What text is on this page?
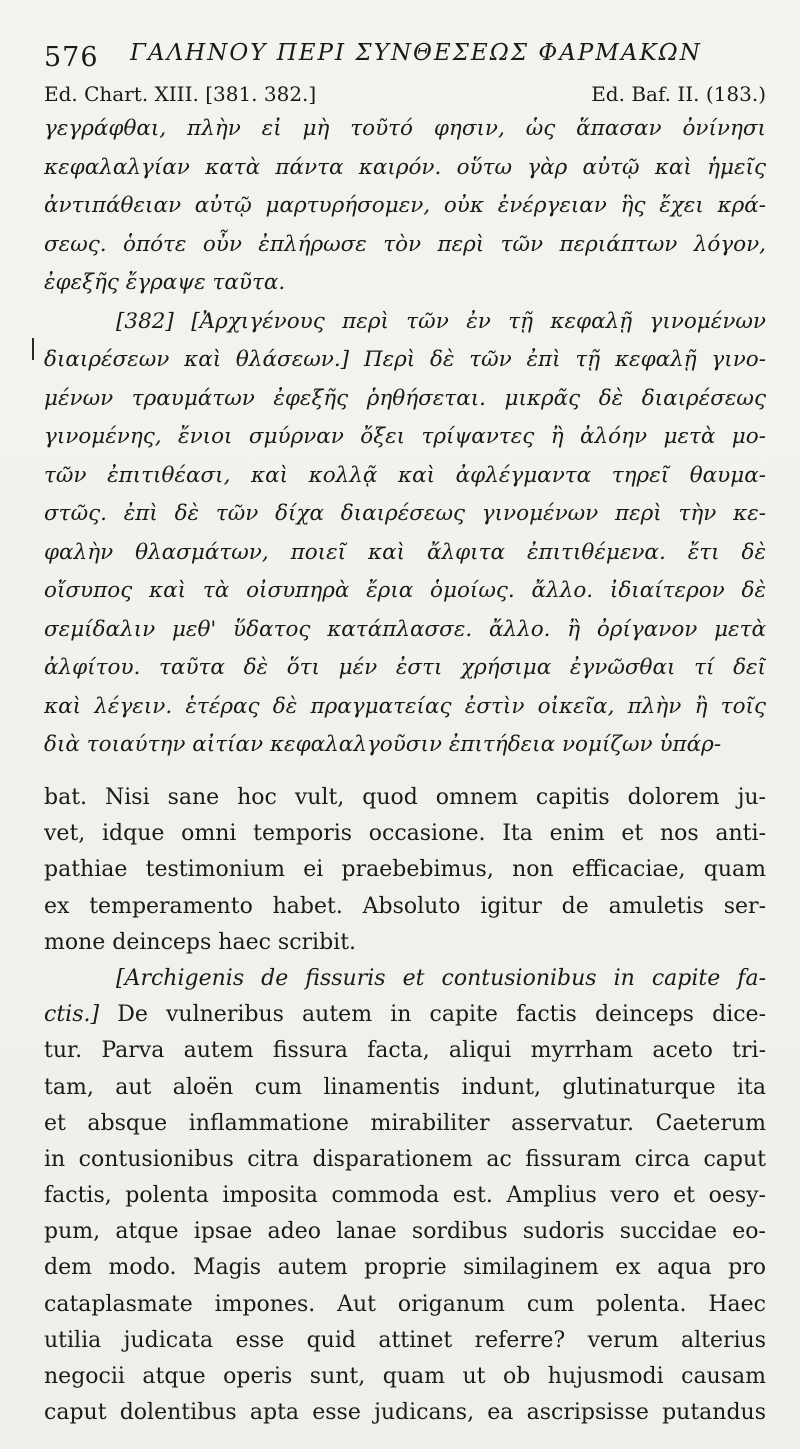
576 ΓΑΛΗΝΟΥ ΠΕΡΙ ΣΥΝΘΕΣΕΩΣ ΦΑΡΜΑΚΩΝ
Ed. Chart. XIII. [381. 382.]	Ed. Baf. II. (183.)
γεγράφθαι, πλὴν εἰ μὴ τοῦτό φησιν, ὡς ἅπασαν ὀνίνησι
κεφαλαλγίαν κατὰ πάντα καιρόν. οὕτω γὰρ αὐτῷ καὶ ἡμεῖς
ἀντιπάθειαν αὐτῷ μαρτυρήσομεν, οὐκ ἐνέργειαν ἣς ἔχει κρά-
σεως. ὁπότε οὖν ἐπλήρωσε τὸν περὶ τῶν περιάπτων λόγον,
ἐφεξῆς ἔγραψε ταῦτα.
[382] [Ἀρχιγένους περὶ τῶν ἐν τῇ κεφαλῇ γινομένων
διαιρέσεων καὶ θλάσεων.] Περὶ δὲ τῶν ἐπὶ τῇ κεφαλῇ γινο-
μένων τραυμάτων ἐφεξῆς ῥηθήσεται. μικρᾶς δὲ διαιρέσεως
γινομένης, ἔνιοι σμύρναν ὄξει τρίψαντες ἢ ἀλόην μετὰ μο-
τῶν ἐπιτιθέασι, καὶ κολλᾷ καὶ ἀφλέγμαντα τηρεῖ θαυμα-
στῶς. ἐπὶ δὲ τῶν δίχα διαιρέσεως γινομένων περὶ τὴν κε-
φαλὴν θλασμάτων, ποιεῖ καὶ ἄλφιτα ἐπιτιθέμενα. ἔτι δὲ
οἴσυπος καὶ τὰ οἰσυπηρὰ ἔρια ὁμοίως. ἄλλο. ἰδιαίτερον δὲ
σεμίδαλιν μεθ' ὕδατος κατάπλασσε. ἄλλο. ἢ ὀρίγανον μετὰ
ἀλφίτου. ταῦτα δὲ ὅτι μέν ἐστι χρήσιμα ἐγνῶσθαι τί δεῖ
καὶ λέγειν. ἑτέρας δὲ πραγματείας ἐστὶν οἰκεῖα, πλὴν ἢ τοῖς
διὰ τοιαύτην αἰτίαν κεφαλαλγοῦσιν ἐπιτήδεια νομίζων ὑπάρ-
bat. Nisi sane hoc vult, quod omnem capitis dolorem ju-
vet, idque omni temporis occasione. Ita enim et nos anti-
pathiae testimonium ei praebebimus, non efficaciae, quam
ex temperamento habet. Absoluto igitur de amuletis ser-
mone deinceps haec scribit.
[Archigenis de fissuris et contusionibus in capite fa-
ctis.] De vulneribus autem in capite factis deinceps dice-
tur. Parva autem fissura facta, aliqui myrrham aceto tri-
tam, aut aloën cum linamentis indunt, glutinaturque ita
et absque inflammatione mirabiliter asservatur. Caeterum
in contusionibus citra disparationem ac fissuram circa caput
factis, polenta imposita commoda est. Amplius vero et oesy-
pum, atque ipsae adeo lanae sordibus sudoris succidae eo-
dem modo. Magis autem proprie similaginem ex aqua pro
cataplasmate impones. Aut origanum cum polenta. Haec
utilia judicata esse quid attinet referre? verum alterius
negocii atque operis sunt, quam ut ob hujusmodi causam
caput dolentibus apta esse judicans, ea ascripsisse putandus
